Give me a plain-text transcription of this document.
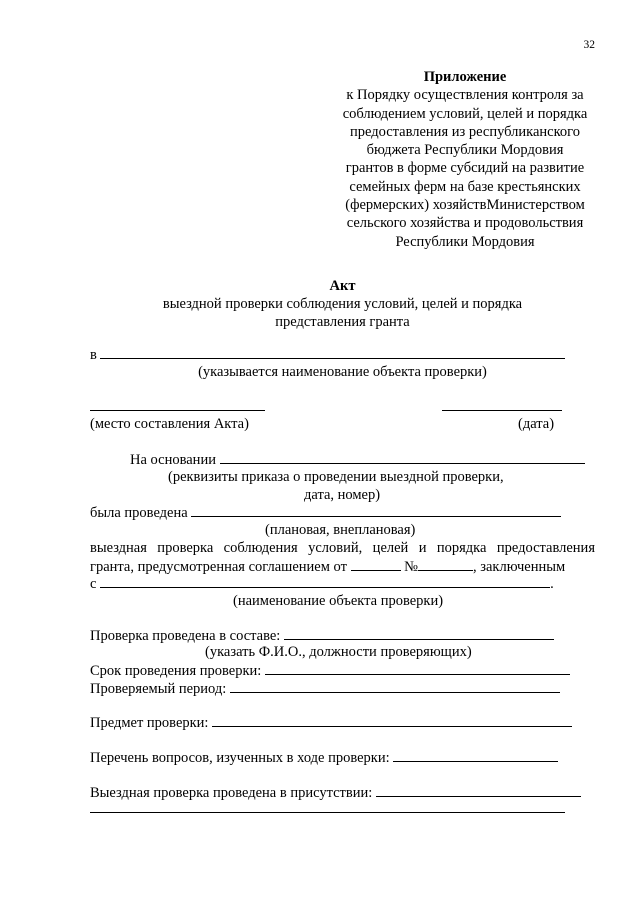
32
Приложение
к Порядку осуществления контроля за
соблюдением условий, целей и порядка
предоставления из республиканского
бюджета Республики Мордовия
грантов в форме субсидий на развитие
семейных ферм на базе крестьянских
(фермерских) хозяйствМинистерством
сельского хозяйства и продовольствия
Республики Мордовия
Акт
выездной проверки соблюдения условий, целей и порядка
представления гранта
в
(указывается наименование объекта проверки)
(место составления Акта)	(дата)
На основании
(реквизиты приказа о проведении выездной проверки,
дата, номер)
была проведена
(плановая, внеплановая)
выездная проверка соблюдения условий, целей и порядка предоставления
гранта, предусмотренная соглашением от	№	, заключенным
с	.
(наименование объекта проверки)
Проверка проведена в составе:
(указать Ф.И.О., должности проверяющих)
Срок проведения проверки:
Проверяемый период:
Предмет проверки:
Перечень вопросов, изученных в ходе проверки:
Выездная проверка проведена в присутствии:
